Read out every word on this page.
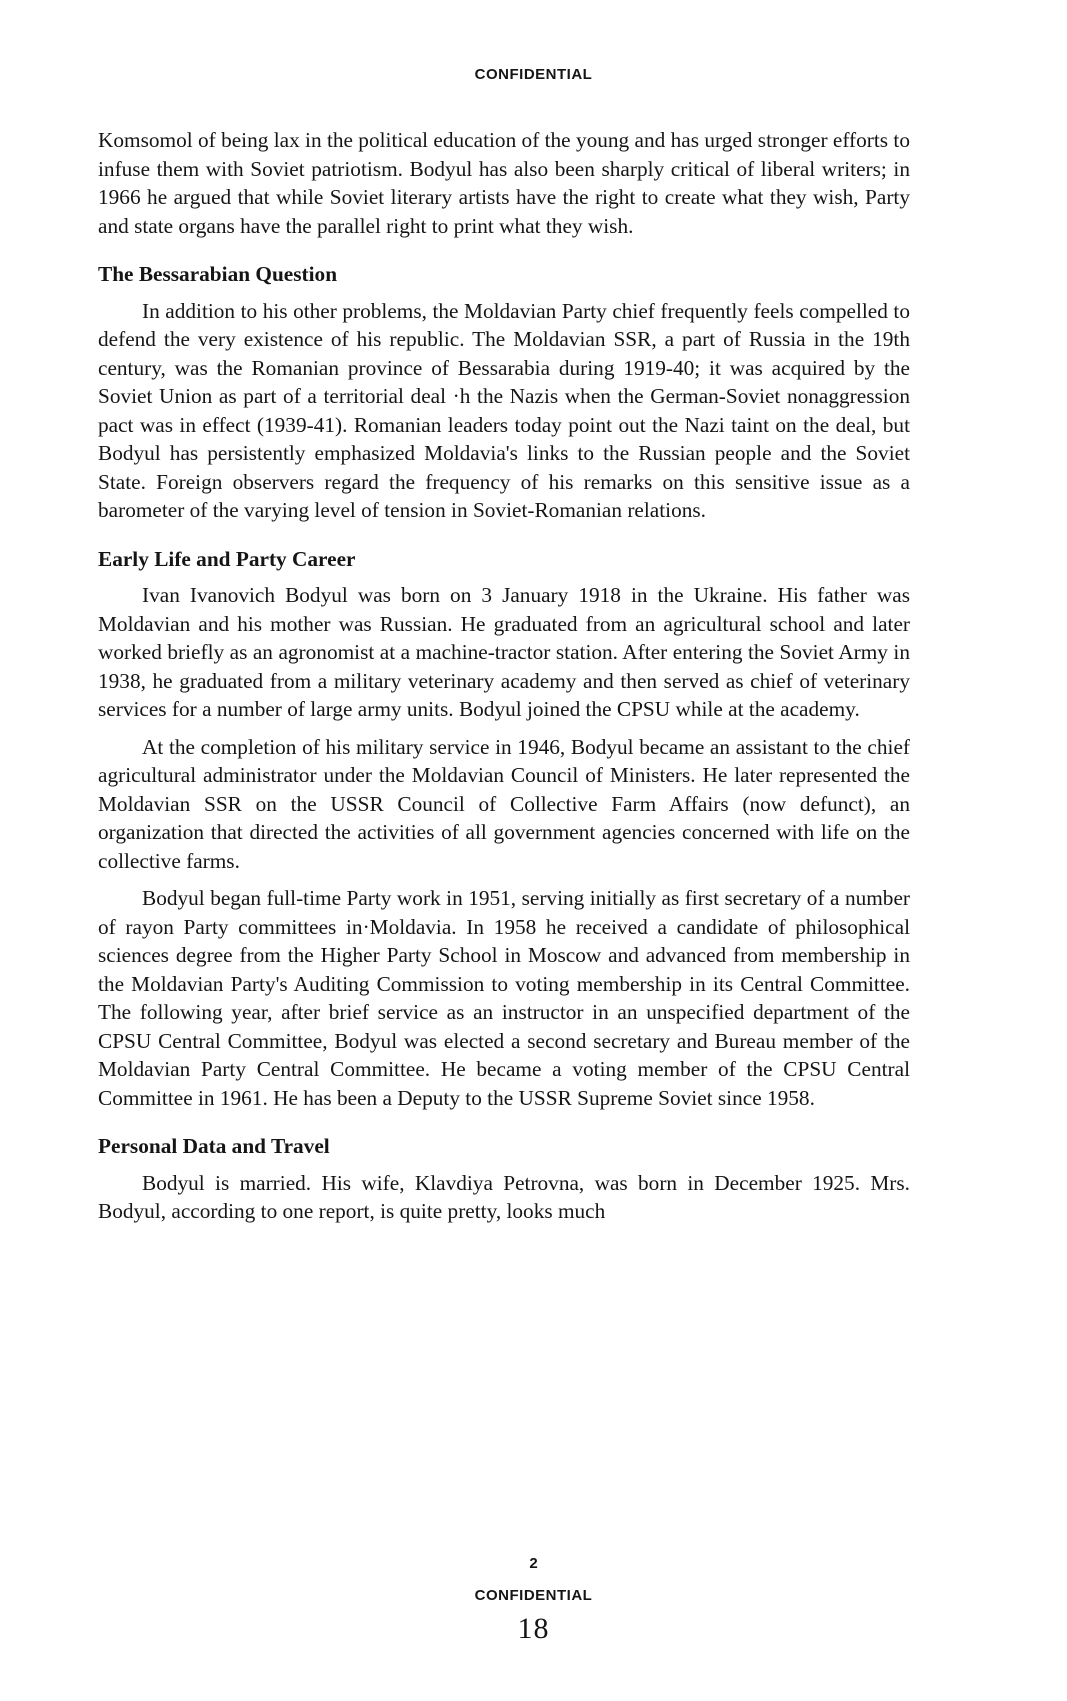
CONFIDENTIAL

Komsomol of being lax in the political education of the young and has urged stronger efforts to infuse them with Soviet patriotism. Bodyul has also been sharply critical of liberal writers; in 1966 he argued that while Soviet literary artists have the right to create what they wish, Party and state organs have the parallel right to print what they wish.

The Bessarabian Question

In addition to his other problems, the Moldavian Party chief frequently feels compelled to defend the very existence of his republic. The Moldavian SSR, a part of Russia in the 19th century, was the Romanian province of Bessarabia during 1919-40; it was acquired by the Soviet Union as part of a territorial deal ·h the Nazis when the German-Soviet nonaggression pact was in effect (1939-41). Romanian leaders today point out the Nazi taint on the deal, but Bodyul has persistently emphasized Moldavia's links to the Russian people and the Soviet State. Foreign observers regard the frequency of his remarks on this sensitive issue as a barometer of the varying level of tension in Soviet-Romanian relations.

Early Life and Party Career

Ivan Ivanovich Bodyul was born on 3 January 1918 in the Ukraine. His father was Moldavian and his mother was Russian. He graduated from an agricultural school and later worked briefly as an agronomist at a machine-tractor station. After entering the Soviet Army in 1938, he graduated from a military veterinary academy and then served as chief of veterinary services for a number of large army units. Bodyul joined the CPSU while at the academy.

At the completion of his military service in 1946, Bodyul became an assistant to the chief agricultural administrator under the Moldavian Council of Ministers. He later represented the Moldavian SSR on the USSR Council of Collective Farm Affairs (now defunct), an organization that directed the activities of all government agencies concerned with life on the collective farms.

Bodyul began full-time Party work in 1951, serving initially as first secretary of a number of rayon Party committees in·Moldavia. In 1958 he received a candidate of philosophical sciences degree from the Higher Party School in Moscow and advanced from membership in the Moldavian Party's Auditing Commission to voting membership in its Central Committee. The following year, after brief service as an instructor in an unspecified department of the CPSU Central Committee, Bodyul was elected a second secretary and Bureau member of the Moldavian Party Central Committee. He became a voting member of the CPSU Central Committee in 1961. He has been a Deputy to the USSR Supreme Soviet since 1958.

Personal Data and Travel

Bodyul is married. His wife, Klavdiya Petrovna, was born in December 1925. Mrs. Bodyul, according to one report, is quite pretty, looks much

2
CONFIDENTIAL
18
